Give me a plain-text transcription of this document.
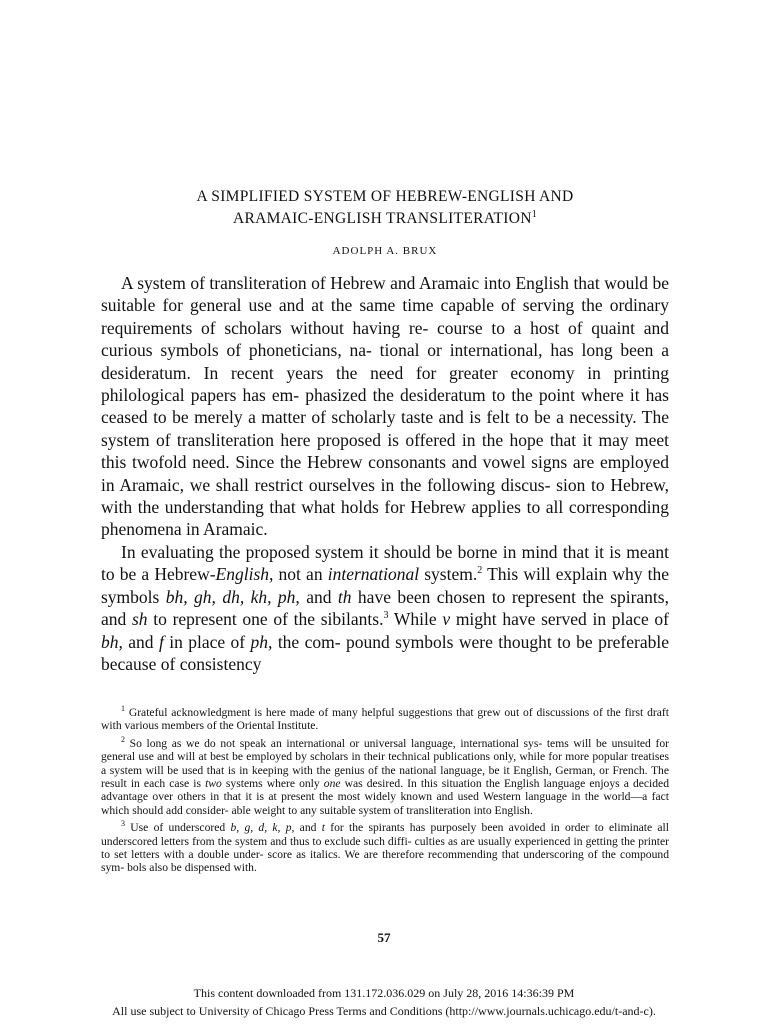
A SIMPLIFIED SYSTEM OF HEBREW-ENGLISH AND
ARAMAIC-ENGLISH TRANSLITERATION$^1$
ADOLPH A. BRUX

A system of transliteration of Hebrew and Aramaic into English that would be suitable for general use and at the same time capable of serving the ordinary requirements of scholars without having re- course to a host of quaint and curious symbols of phoneticians, na- tional or international, has long been a desideratum. In recent years the need for greater economy in printing philological papers has em- phasized the desideratum to the point where it has ceased to be merely a matter of scholarly taste and is felt to be a necessity. The system of transliteration here proposed is offered in the hope that it may meet this twofold need. Since the Hebrew consonants and vowel signs are employed in Aramaic, we shall restrict ourselves in the following discus- sion to Hebrew, with the understanding that what holds for Hebrew applies to all corresponding phenomena in Aramaic.

In evaluating the proposed system it should be borne in mind that it is meant to be a Hebrew-English, not an international system.$^2$ This will explain why the symbols bh, gh, dh, kh, ph, and th have been chosen to represent the spirants, and sh to represent one of the sibilants.$^3$ While v might have served in place of bh, and f in place of ph, the com- pound symbols were thought to be preferable because of consistency

$^1$ Grateful acknowledgment is here made of many helpful suggestions that grew out of discussions of the first draft with various members of the Oriental Institute.

$^2$ So long as we do not speak an international or universal language, international sys- tems will be unsuited for general use and will at best be employed by scholars in their technical publications only, while for more popular treatises a system will be used that is in keeping with the genius of the national language, be it English, German, or French. The result in each case is two systems where only one was desired. In this situation the English language enjoys a decided advantage over others in that it is at present the most widely known and used Western language in the world—a fact which should add consider- able weight to any suitable system of transliteration into English.

$^3$ Use of underscored b, g, d, k, p, and t for the spirants has purposely been avoided in order to eliminate all underscored letters from the system and thus to exclude such diffi- culties as are usually experienced in getting the printer to set letters with a double under- score as italics. We are therefore recommending that underscoring of the compound sym- bols also be dispensed with.

57
This content downloaded from 131.172.036.029 on July 28, 2016 14:36:39 PM
All use subject to University of Chicago Press Terms and Conditions (http://www.journals.uchicago.edu/t-and-c).
